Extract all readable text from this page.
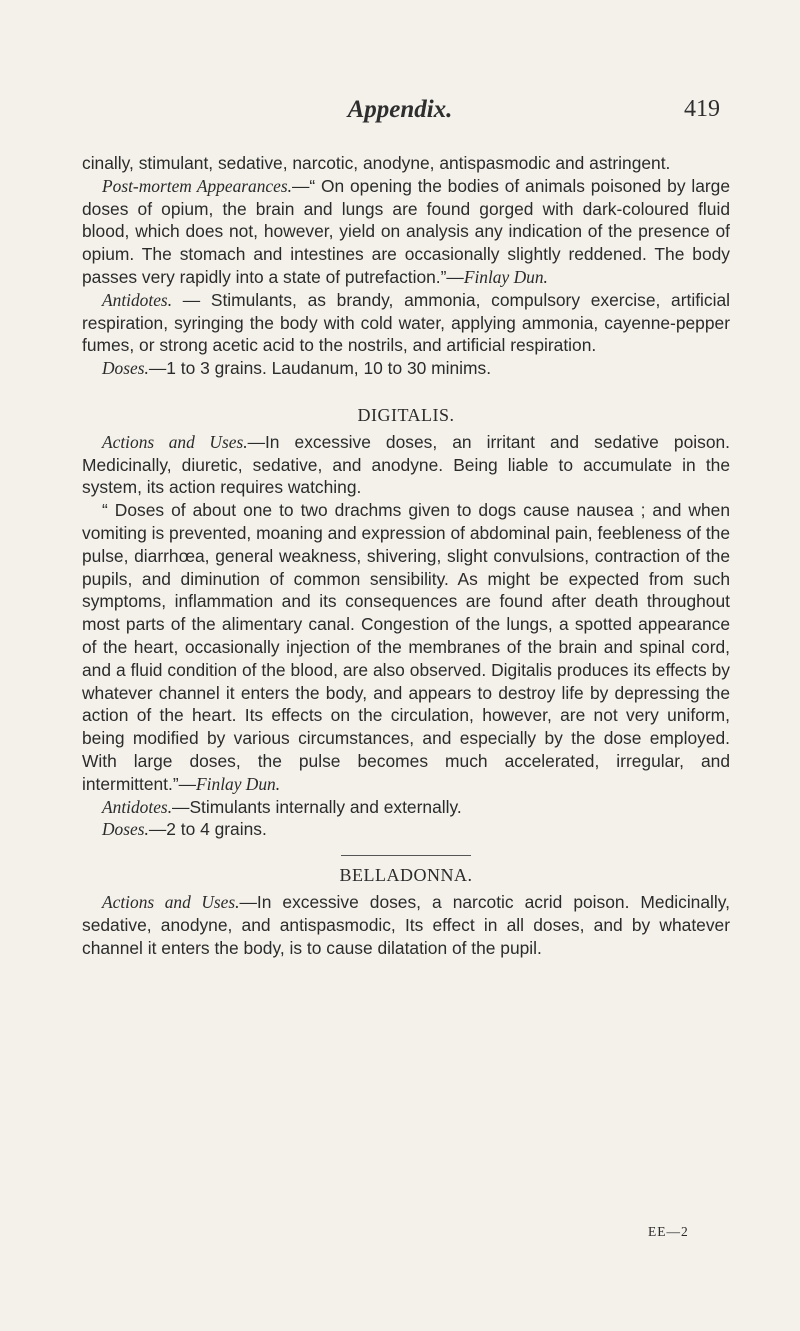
Appendix.	419

cinally, stimulant, sedative, narcotic, anodyne, antispasmodic and astringent.

Post-mortem Appearances.—“ On opening the bodies of animals poisoned by large doses of opium, the brain and lungs are found gorged with dark-coloured fluid blood, which does not, however, yield on analysis any indication of the presence of opium. The stomach and intestines are occasionally slightly reddened. The body passes very rapidly into a state of putrefaction.”—Finlay Dun.

Antidotes. — Stimulants, as brandy, ammonia, compulsory exercise, artificial respiration, syringing the body with cold water, applying ammonia, cayenne-pepper fumes, or strong acetic acid to the nostrils, and artificial respiration.

Doses.—1 to 3 grains. Laudanum, 10 to 30 minims.

DIGITALIS.

Actions and Uses.—In excessive doses, an irritant and sedative poison. Medicinally, diuretic, sedative, and anodyne. Being liable to accumulate in the system, its action requires watching.

“ Doses of about one to two drachms given to dogs cause nausea ; and when vomiting is prevented, moaning and expression of abdominal pain, feebleness of the pulse, diarrhœa, general weakness, shivering, slight convulsions, contraction of the pupils, and diminution of common sensibility. As might be expected from such symptoms, inflammation and its consequences are found after death throughout most parts of the alimentary canal. Congestion of the lungs, a spotted appearance of the heart, occasionally injection of the membranes of the brain and spinal cord, and a fluid condition of the blood, are also observed. Digitalis produces its effects by whatever channel it enters the body, and appears to destroy life by depressing the action of the heart. Its effects on the circulation, however, are not very uniform, being modified by various circumstances, and especially by the dose employed. With large doses, the pulse becomes much accelerated, irregular, and intermittent.”—Finlay Dun.

Antidotes.—Stimulants internally and externally.

Doses.—2 to 4 grains.

BELLADONNA.

Actions and Uses.—In excessive doses, a narcotic acrid poison. Medicinally, sedative, anodyne, and antispasmodic, Its effect in all doses, and by whatever channel it enters the body, is to cause dilatation of the pupil.

EE—2
